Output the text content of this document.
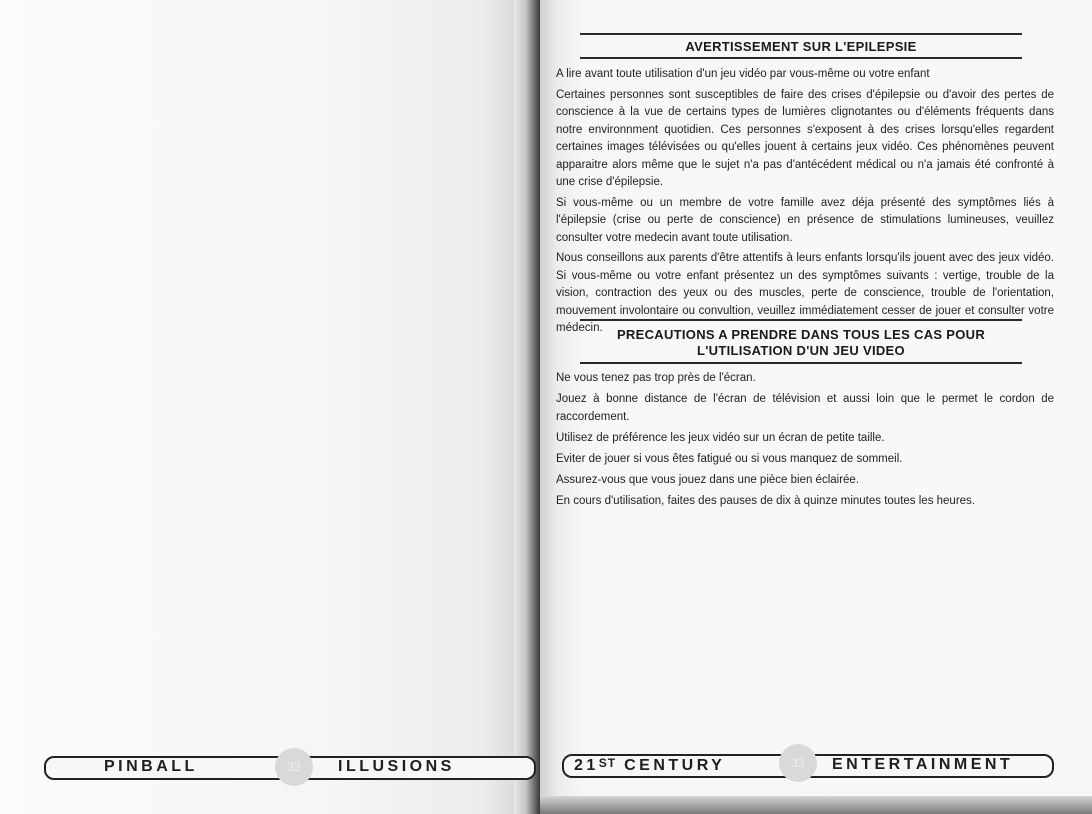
AVERTISSEMENT SUR L'EPILEPSIE

A lire avant toute utilisation d'un jeu vidéo par vous-même ou votre enfant

Certaines personnes sont susceptibles de faire des crises d'épilepsie ou d'avoir des pertes de conscience à la vue de certains types de lumières clignotantes ou d'éléments fréquents dans notre environnment quotidien. Ces personnes s'exposent à des crises lorsqu'elles regardent certaines images télévisées ou qu'elles jouent à certains jeux vidéo. Ces phénomènes peuvent apparaitre alors même que le sujet n'a pas d'antécédent médical ou n'a jamais été confronté à une crise d'épilepsie.

Si vous-même ou un membre de votre famille avez déja présenté des symptômes liés à l'épilepsie (crise ou perte de conscience) en présence de stimulations lumineuses, veuillez consulter votre medecin avant toute utilisation.

Nous conseillons aux parents d'être attentifs à leurs enfants lorsqu'ils jouent avec des jeux vidéo. Si vous-même ou votre enfant présentez un des symptômes suivants : vertige, trouble de la vision, contraction des yeux ou des muscles, perte de conscience, trouble de l'orientation, mouvement involontaire ou convultion, veuillez immédiatement cesser de jouer et consulter votre médecin.	PRECAUTIONS A PRENDRE DANS TOUS LES CAS POUR
L'UTILISATION D'UN JEU VIDEO

Ne vous tenez pas trop près de l'écran.

Jouez à bonne distance de l'écran de télévision et aussi loin que le permet le cordon de raccordement.

Utilisez de préférence les jeux vidéo sur un écran de petite taille.

Eviter de jouer si vous êtes fatigué ou si vous manquez de sommeil.

Assurez-vous que vous jouez dans une pièce bien éclairée.

En cours d'utilisation, faites des pauses de dix à quinze minutes toutes les heures.

PINBALL	32	ILLUSIONS	21ST CENTURY	33	ENTERTAINMENT
